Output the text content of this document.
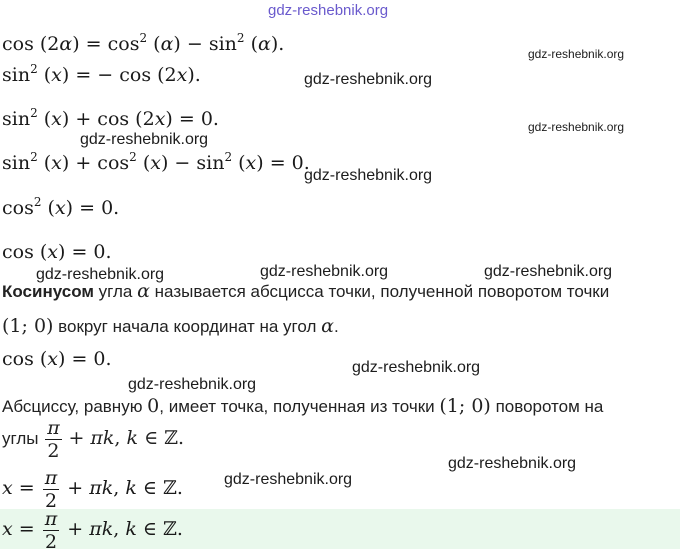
gdz-reshebnik.org
$\cos (2\alpha) = \cos^2 (\alpha) - \sin^2 (\alpha)$.	gdz-reshebnik.org
$\sin^2 (x)$ = − cos (2x).	gdz-reshebnik.org
$\sin^2 (x) + \cos (2x) = 0$.	gdz-reshebnik.org
gdz-reshebnik.org
$\sin^2 (x) + \cos^2 (x) - \sin^2 (x) = 0$.
gdz-reshebnik.org
$\cos^2 (x) = 0$.
cos (x) = 0.
gdz-reshebnik.org	gdz-reshebnik.org	gdz-reshebnik.org
Косинусом угла α называется абсцисса точки, полученной поворотом точки
(1; 0) вокруг начала координат на угол α.
cos (x) = 0.	gdz-reshebnik.org
gdz-reshebnik.org
Абсциссу, равную 0, имеет точка, полученная из точки (1; 0) поворотом на
углы $\frac{\pi}{2} + \pi k$, k ∈ ℤ.
gdz-reshebnik.org
$x = \frac{\pi}{2} + \pi k$, k ∈ ℤ.	gdz-reshebnik.org
$x = \frac{\pi}{2} + \pi k$, k ∈ ℤ.
